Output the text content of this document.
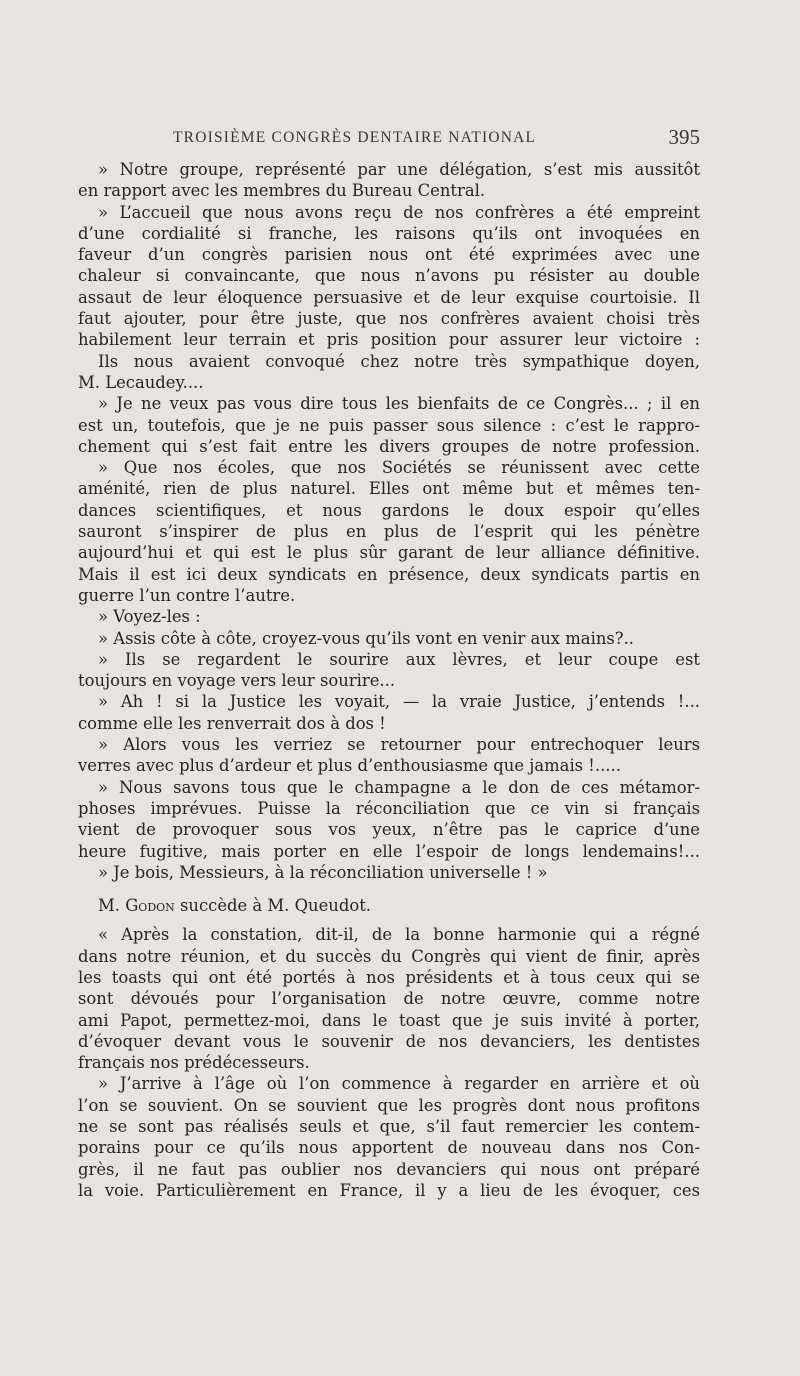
TROISIÈME CONGRÈS DENTAIRE NATIONAL	395
» Notre groupe, représenté par une délégation, s’est mis aussitôt
en rapport avec les membres du Bureau Central.
» L’accueil que nous avons reçu de nos confrères a été empreint
d’une cordialité si franche, les raisons qu’ils ont invoquées en
faveur d’un congrès parisien nous ont été exprimées avec une
chaleur si convaincante, que nous n’avons pu résister au double
assaut de leur éloquence persuasive et de leur exquise courtoisie. Il
faut ajouter, pour être juste, que nos confrères avaient choisi très
habilement leur terrain et pris position pour assurer leur victoire :
Ils nous avaient convoqué chez notre très sympathique doyen,
M. Lecaudey....
» Je ne veux pas vous dire tous les bienfaits de ce Congrès... ; il en
est un, toutefois, que je ne puis passer sous silence : c’est le rappro-
chement qui s’est fait entre les divers groupes de notre profession.
» Que nos écoles, que nos Sociétés se réunissent avec cette
aménité, rien de plus naturel. Elles ont même but et mêmes ten-
dances scientifiques, et nous gardons le doux espoir qu’elles
sauront s’inspirer de plus en plus de l’esprit qui les pénètre
aujourd’hui et qui est le plus sûr garant de leur alliance définitive.
Mais il est ici deux syndicats en présence, deux syndicats partis en
guerre l’un contre l’autre.
» Voyez-les :
» Assis côte à côte, croyez-vous qu’ils vont en venir aux mains?..
» Ils se regardent le sourire aux lèvres, et leur coupe est
toujours en voyage vers leur sourire...
» Ah ! si la Justice les voyait, — la vraie Justice, j’entends !...
comme elle les renverrait dos à dos !
» Alors vous les verriez se retourner pour entrechoquer leurs
verres avec plus d’ardeur et plus d’enthousiasme que jamais !.....
» Nous savons tous que le champagne a le don de ces métamor-
phoses imprévues. Puisse la réconciliation que ce vin si français
vient de provoquer sous vos yeux, n’être pas le caprice d’une
heure fugitive, mais porter en elle l’espoir de longs lendemains!...
» Je bois, Messieurs, à la réconciliation universelle ! »
M. Godon succède à M. Queudot.
« Après la constation, dit-il, de la bonne harmonie qui a régné
dans notre réunion, et du succès du Congrès qui vient de finir, après
les toasts qui ont été portés à nos présidents et à tous ceux qui se
sont dévoués pour l’organisation de notre œuvre, comme notre
ami Papot, permettez-moi, dans le toast que je suis invité à porter,
d’évoquer devant vous le souvenir de nos devanciers, les dentistes
français nos prédécesseurs.
» J’arrive à l’âge où l’on commence à regarder en arrière et où
l’on se souvient. On se souvient que les progrès dont nous profitons
ne se sont pas réalisés seuls et que, s’il faut remercier les contem-
porains pour ce qu’ils nous apportent de nouveau dans nos Con-
grès, il ne faut pas oublier nos devanciers qui nous ont préparé
la voie. Particulièrement en France, il y a lieu de les évoquer, ces
